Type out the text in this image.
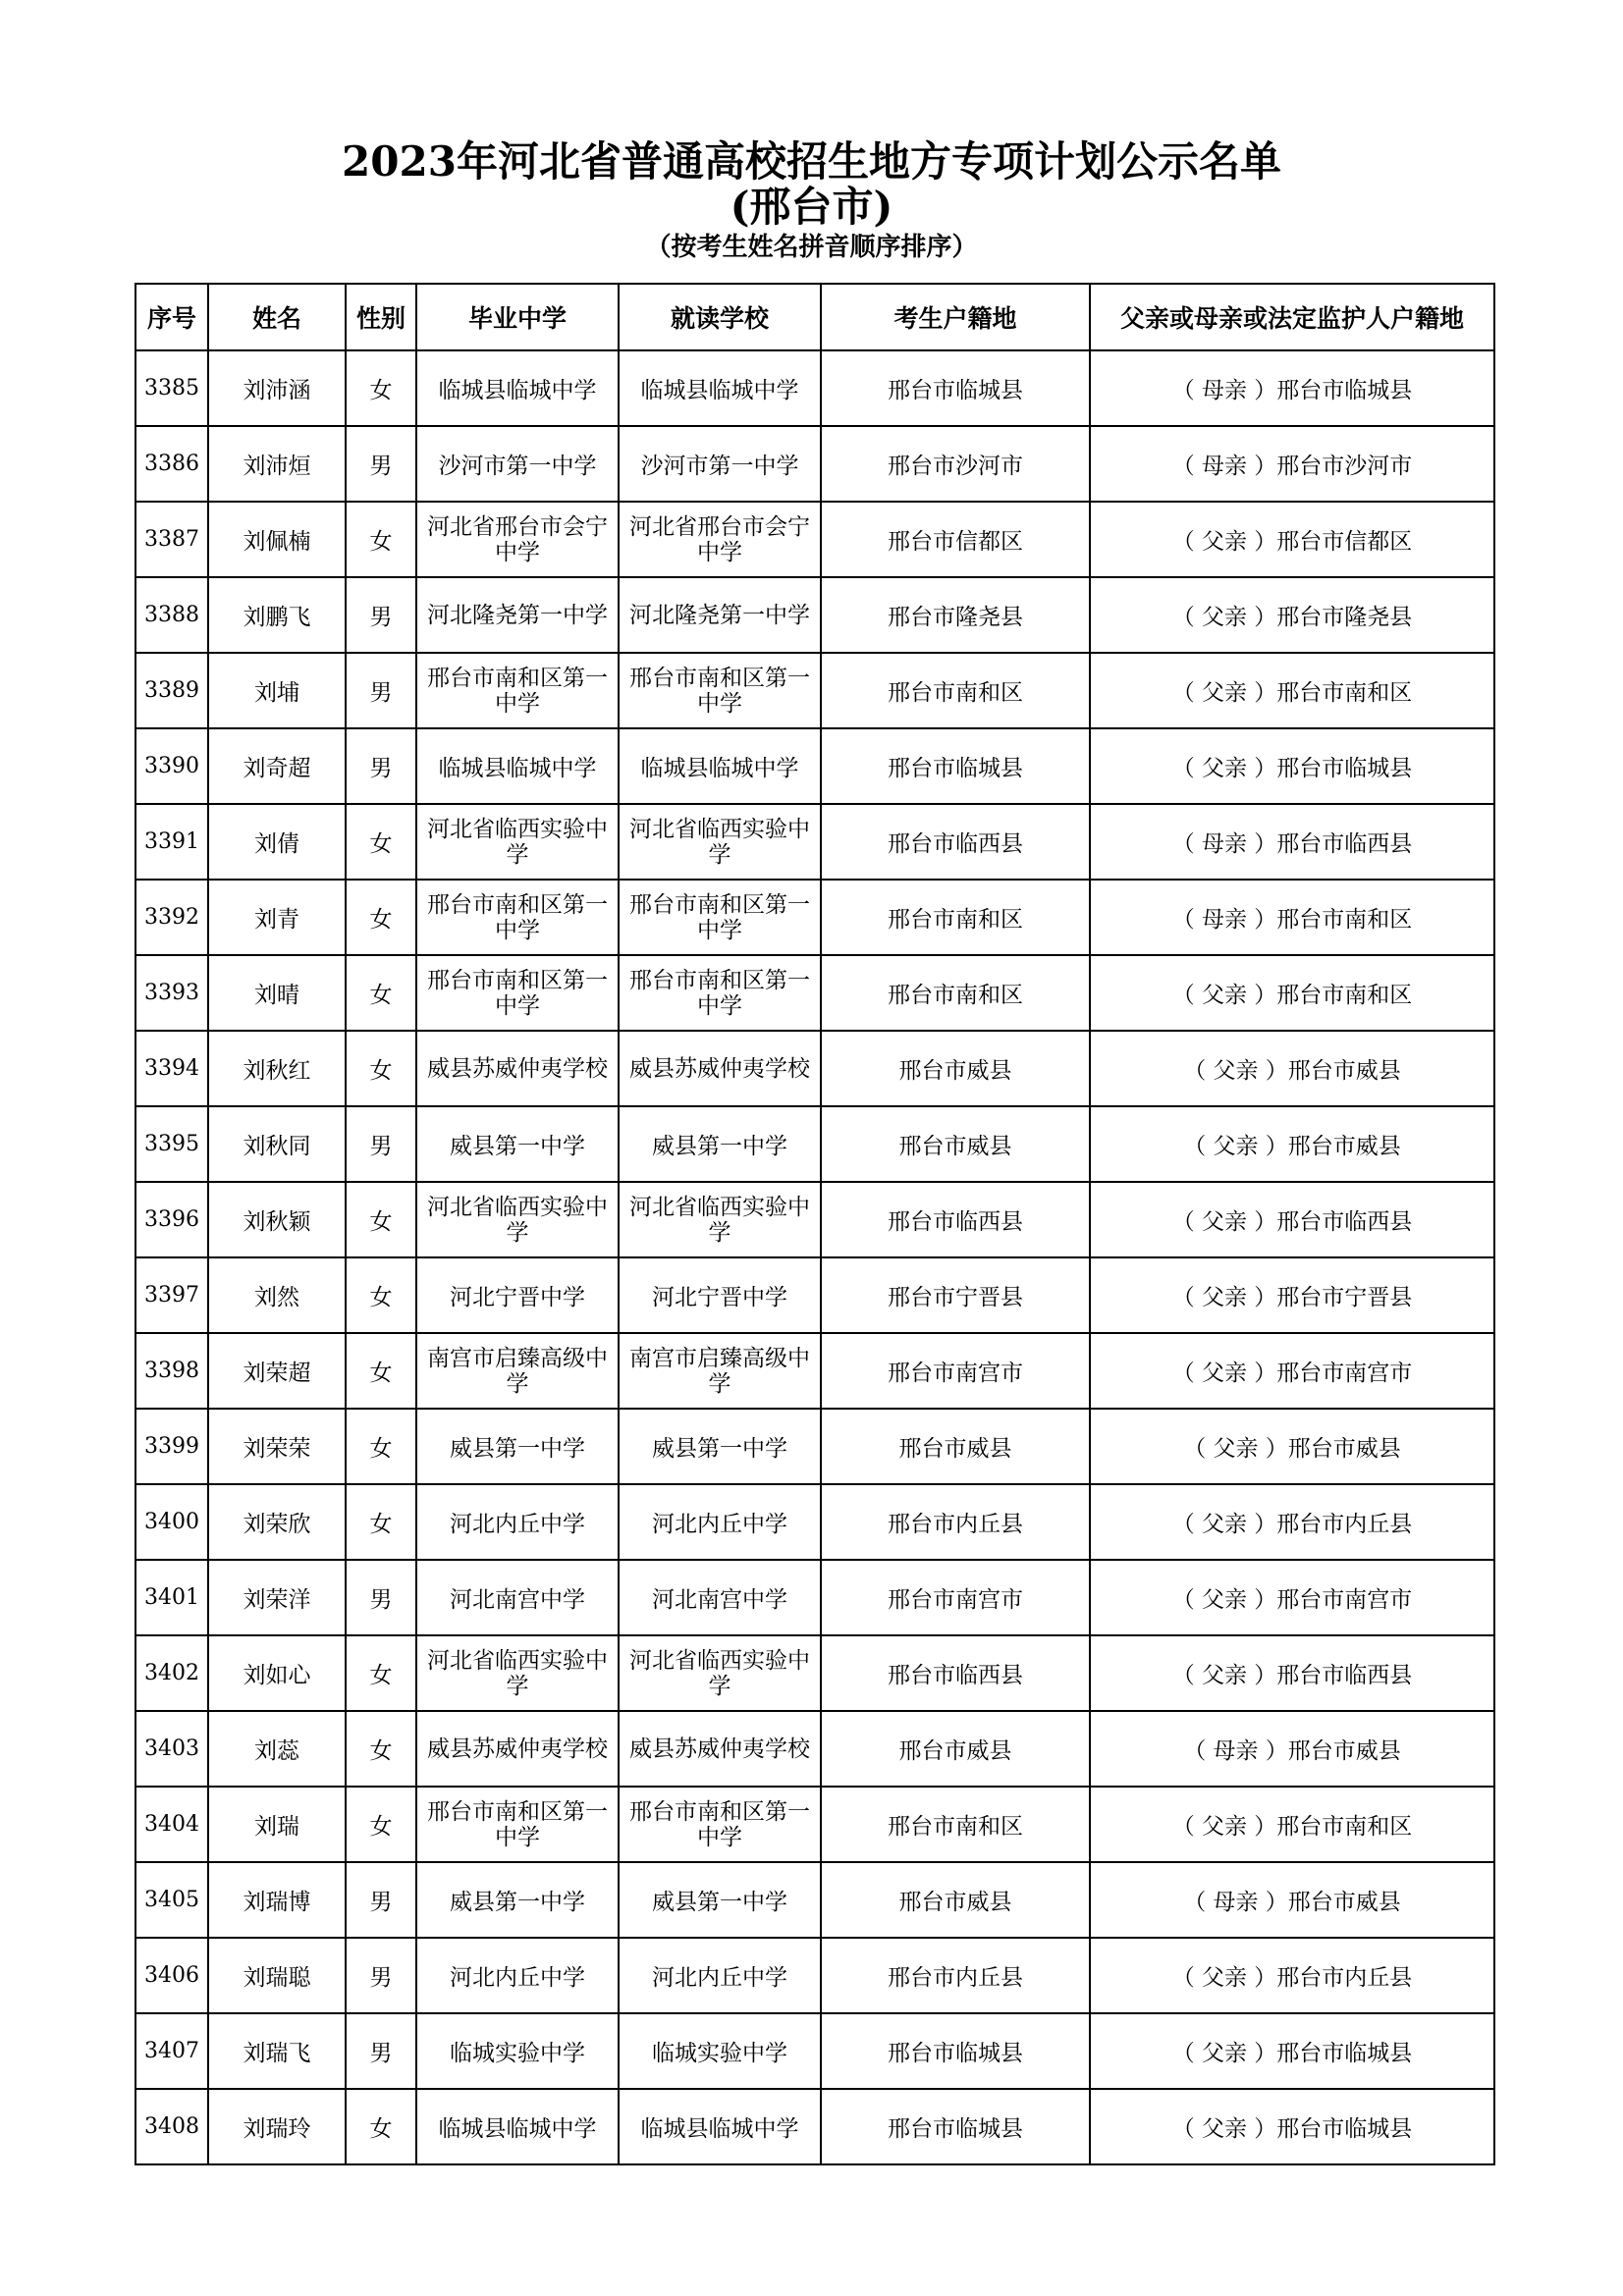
2023年河北省普通高校招生地方专项计划公示名单
(邢台市)
（按考生姓名拼音顺序排序）
序号	姓名	性别	毕业中学	就读学校	考生户籍地	父亲或母亲或法定监护人户籍地
3385	刘沛涵	女	临城县临城中学	临城县临城中学	邢台市临城县	（ 母亲 ）邢台市临城县
3386	刘沛烜	男	沙河市第一中学	沙河市第一中学	邢台市沙河市	（ 母亲 ）邢台市沙河市
3387	刘佩楠	女	河北省邢台市会宁中学	河北省邢台市会宁中学	邢台市信都区	（ 父亲 ）邢台市信都区
3388	刘鹏飞	男	河北隆尧第一中学	河北隆尧第一中学	邢台市隆尧县	（ 父亲 ）邢台市隆尧县
3389	刘埔	男	邢台市南和区第一中学	邢台市南和区第一中学	邢台市南和区	（ 父亲 ）邢台市南和区
3390	刘奇超	男	临城县临城中学	临城县临城中学	邢台市临城县	（ 父亲 ）邢台市临城县
3391	刘倩	女	河北省临西实验中学	河北省临西实验中学	邢台市临西县	（ 母亲 ）邢台市临西县
3392	刘青	女	邢台市南和区第一中学	邢台市南和区第一中学	邢台市南和区	（ 母亲 ）邢台市南和区
3393	刘晴	女	邢台市南和区第一中学	邢台市南和区第一中学	邢台市南和区	（ 父亲 ）邢台市南和区
3394	刘秋红	女	威县苏威仲夷学校	威县苏威仲夷学校	邢台市威县	（ 父亲 ）邢台市威县
3395	刘秋同	男	威县第一中学	威县第一中学	邢台市威县	（ 父亲 ）邢台市威县
3396	刘秋颖	女	河北省临西实验中学	河北省临西实验中学	邢台市临西县	（ 父亲 ）邢台市临西县
3397	刘然	女	河北宁晋中学	河北宁晋中学	邢台市宁晋县	（ 父亲 ）邢台市宁晋县
3398	刘荣超	女	南宫市启臻高级中学	南宫市启臻高级中学	邢台市南宫市	（ 父亲 ）邢台市南宫市
3399	刘荣荣	女	威县第一中学	威县第一中学	邢台市威县	（ 父亲 ）邢台市威县
3400	刘荣欣	女	河北内丘中学	河北内丘中学	邢台市内丘县	（ 父亲 ）邢台市内丘县
3401	刘荣洋	男	河北南宫中学	河北南宫中学	邢台市南宫市	（ 父亲 ）邢台市南宫市
3402	刘如心	女	河北省临西实验中学	河北省临西实验中学	邢台市临西县	（ 父亲 ）邢台市临西县
3403	刘蕊	女	威县苏威仲夷学校	威县苏威仲夷学校	邢台市威县	（ 母亲 ）邢台市威县
3404	刘瑞	女	邢台市南和区第一中学	邢台市南和区第一中学	邢台市南和区	（ 父亲 ）邢台市南和区
3405	刘瑞博	男	威县第一中学	威县第一中学	邢台市威县	（ 母亲 ）邢台市威县
3406	刘瑞聪	男	河北内丘中学	河北内丘中学	邢台市内丘县	（ 父亲 ）邢台市内丘县
3407	刘瑞飞	男	临城实验中学	临城实验中学	邢台市临城县	（ 父亲 ）邢台市临城县
3408	刘瑞玲	女	临城县临城中学	临城县临城中学	邢台市临城县	（ 父亲 ）邢台市临城县
